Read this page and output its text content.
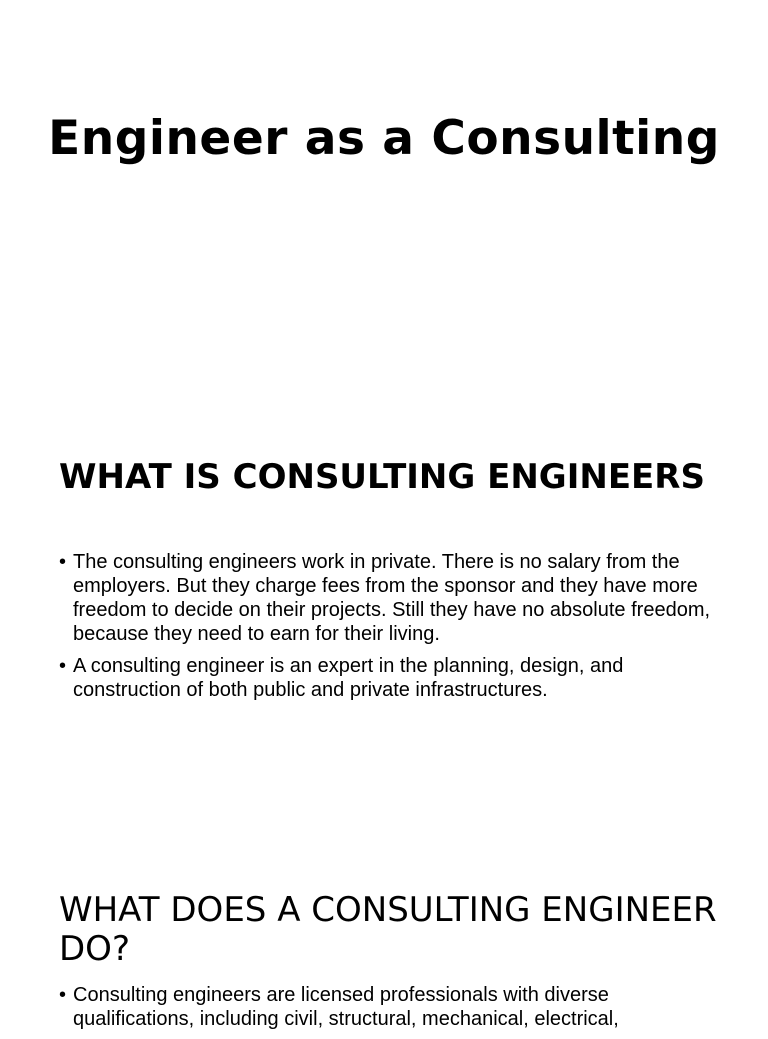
Engineer as a Consulting
WHAT IS CONSULTING ENGINEERS
• The consulting engineers work in private. There is no salary from the employers. But they charge fees from the sponsor and they have more freedom to decide on their projects. Still they have no absolute freedom, because they need to earn for their living.
• A consulting engineer is an expert in the planning, design, and construction of both public and private infrastructures.
WHAT DOES A CONSULTING ENGINEER DO?
• Consulting engineers are licensed professionals with diverse qualifications, including civil, structural, mechanical, electrical,
